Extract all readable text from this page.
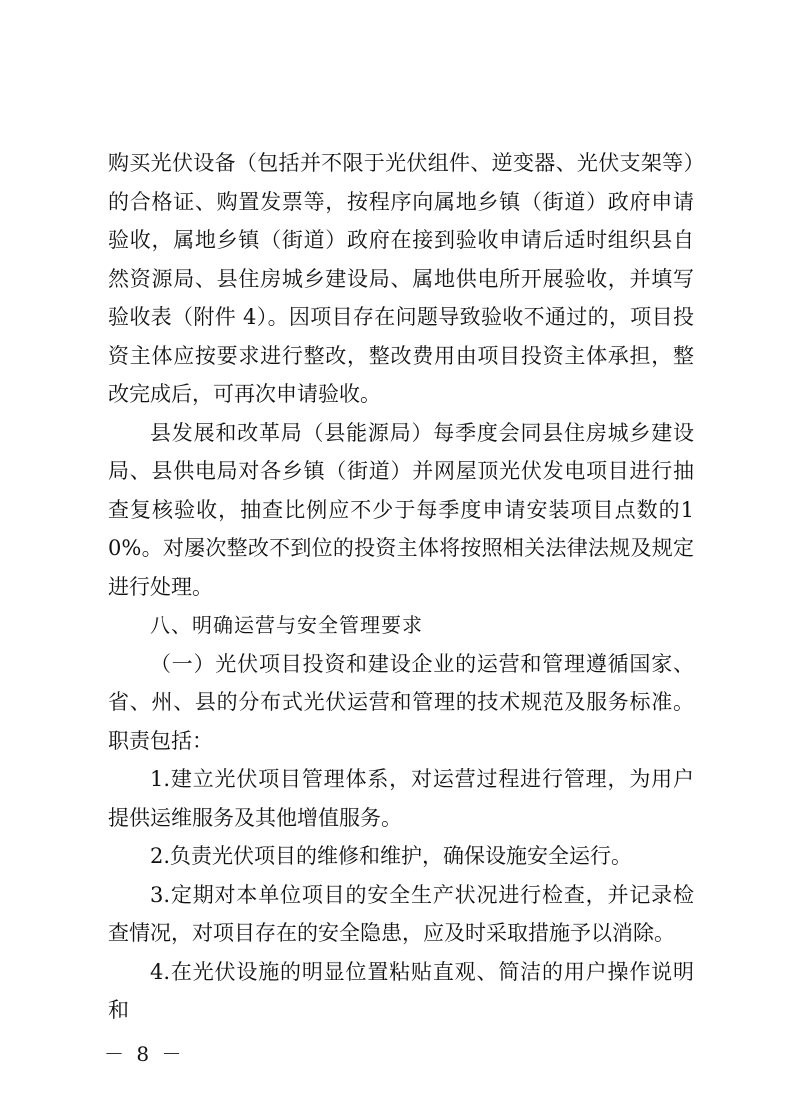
购买光伏设备（包括并不限于光伏组件、逆变器、光伏支架等）的合格证、购置发票等，按程序向属地乡镇（街道）政府申请验收，属地乡镇（街道）政府在接到验收申请后适时组织县自然资源局、县住房城乡建设局、属地供电所开展验收，并填写验收表（附件 4）。因项目存在问题导致验收不通过的，项目投资主体应按要求进行整改，整改费用由项目投资主体承担，整改完成后，可再次申请验收。

县发展和改革局（县能源局）每季度会同县住房城乡建设局、县供电局对各乡镇（街道）并网屋顶光伏发电项目进行抽查复核验收，抽查比例应不少于每季度申请安装项目点数的10%。对屡次整改不到位的投资主体将按照相关法律法规及规定进行处理。

八、明确运营与安全管理要求

（一）光伏项目投资和建设企业的运营和管理遵循国家、省、州、县的分布式光伏运营和管理的技术规范及服务标准。职责包括：

1.建立光伏项目管理体系，对运营过程进行管理，为用户提供运维服务及其他增值服务。

2.负责光伏项目的维修和维护，确保设施安全运行。

3.定期对本单位项目的安全生产状况进行检查，并记录检查情况，对项目存在的安全隐患，应及时采取措施予以消除。

4.在光伏设施的明显位置粘贴直观、简洁的用户操作说明和

－ 8 －
